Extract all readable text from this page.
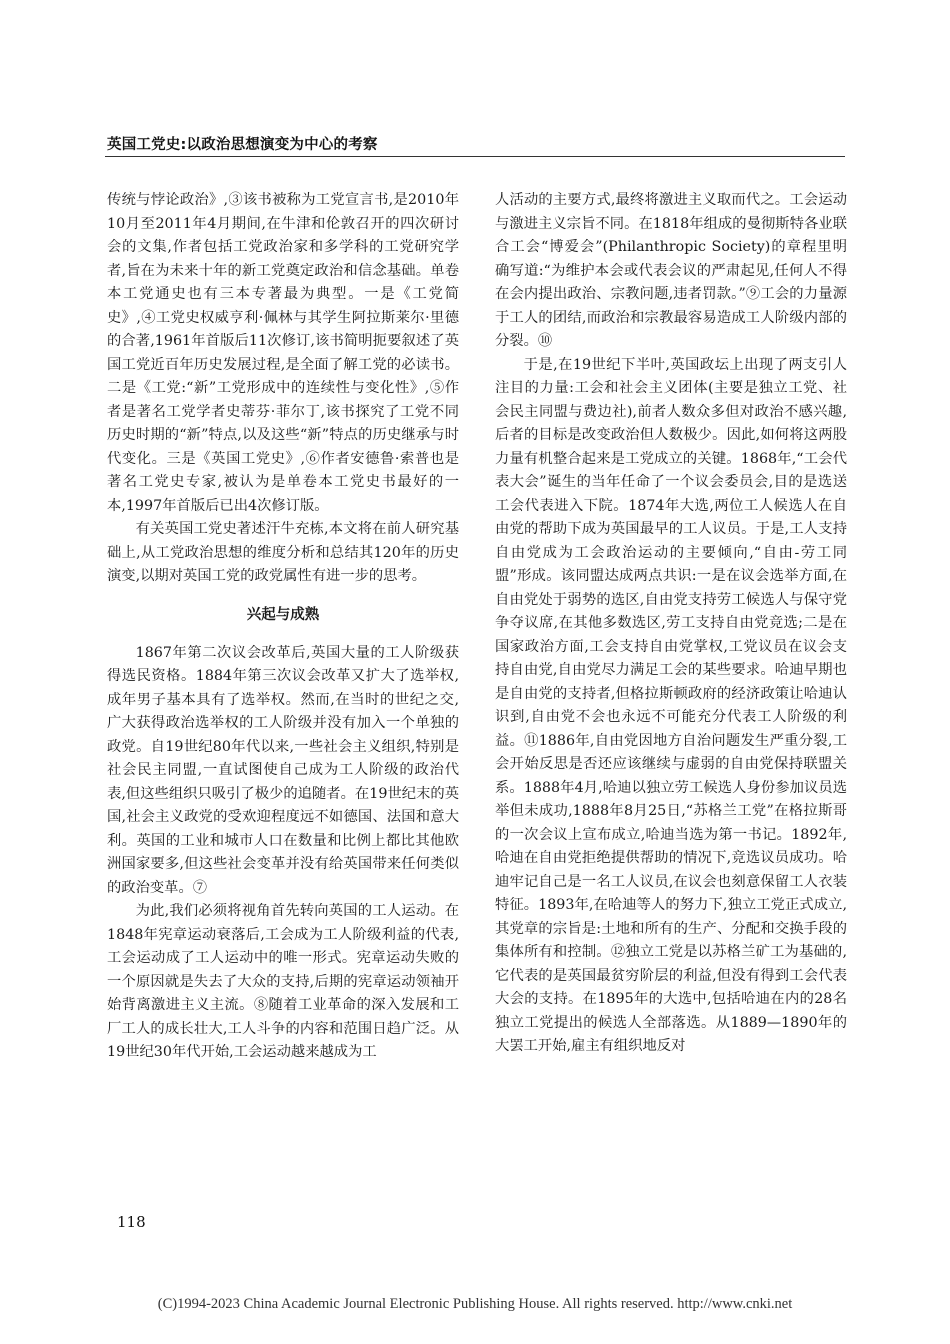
英国工党史:以政治思想演变为中心的考察

传统与悖论政治》,③该书被称为工党宣言书,是2010年10月至2011年4月期间,在牛津和伦敦召开的四次研讨会的文集,作者包括工党政治家和多学科的工党研究学者,旨在为未来十年的新工党奠定政治和信念基础。单卷本工党通史也有三本专著最为典型。一是《工党简史》,④工党史权威亨利·佩林与其学生阿拉斯莱尔·里德的合著,1961年首版后11次修订,该书简明扼要叙述了英国工党近百年历史发展过程,是全面了解工党的必读书。二是《工党:“新”工党形成中的连续性与变化性》,⑤作者是著名工党学者史蒂芬·菲尔丁,该书探究了工党不同历史时期的“新”特点,以及这些“新”特点的历史继承与时代变化。三是《英国工党史》,⑥作者安德鲁·索普也是著名工党史专家,被认为是单卷本工党史书最好的一本,1997年首版后已出4次修订版。

有关英国工党史著述汗牛充栋,本文将在前人研究基础上,从工党政治思想的维度分析和总结其120年的历史演变,以期对英国工党的政党属性有进一步的思考。

兴起与成熟

1867年第二次议会改革后,英国大量的工人阶级获得选民资格。1884年第三次议会改革又扩大了选举权,成年男子基本具有了选举权。然而,在当时的世纪之交,广大获得政治选举权的工人阶级并没有加入一个单独的政党。自19世纪80年代以来,一些社会主义组织,特别是社会民主同盟,一直试图使自己成为工人阶级的政治代表,但这些组织只吸引了极少的追随者。在19世纪末的英国,社会主义政党的受欢迎程度远不如德国、法国和意大利。英国的工业和城市人口在数量和比例上都比其他欧洲国家要多,但这些社会变革并没有给英国带来任何类似的政治变革。⑦

为此,我们必须将视角首先转向英国的工人运动。在1848年宪章运动衰落后,工会成为工人阶级利益的代表,工会运动成了工人运动中的唯一形式。宪章运动失败的一个原因就是失去了大众的支持,后期的宪章运动领袖开始背离激进主义主流。⑧随着工业革命的深入发展和工厂工人的成长壮大,工人斗争的内容和范围日趋广泛。从19世纪30年代开始,工会运动越来越成为工

人活动的主要方式,最终将激进主义取而代之。工会运动与激进主义宗旨不同。在1818年组成的曼彻斯特各业联合工会“博爱会”(Philanthropic Society)的章程里明确写道:“为维护本会或代表会议的严肃起见,任何人不得在会内提出政治、宗教问题,违者罚款。”⑨工会的力量源于工人的团结,而政治和宗教最容易造成工人阶级内部的分裂。⑩

于是,在19世纪下半叶,英国政坛上出现了两支引人注目的力量:工会和社会主义团体(主要是独立工党、社会民主同盟与费边社),前者人数众多但对政治不感兴趣,后者的目标是改变政治但人数极少。因此,如何将这两股力量有机整合起来是工党成立的关键。1868年,“工会代表大会”诞生的当年任命了一个议会委员会,目的是选送工会代表进入下院。1874年大选,两位工人候选人在自由党的帮助下成为英国最早的工人议员。于是,工人支持自由党成为工会政治运动的主要倾向,“自由-劳工同盟”形成。该同盟达成两点共识:一是在议会选举方面,在自由党处于弱势的选区,自由党支持劳工候选人与保守党争夺议席,在其他多数选区,劳工支持自由党竞选;二是在国家政治方面,工会支持自由党掌权,工党议员在议会支持自由党,自由党尽力满足工会的某些要求。哈迪早期也是自由党的支持者,但格拉斯顿政府的经济政策让哈迪认识到,自由党不会也永远不可能充分代表工人阶级的利益。⑪1886年,自由党因地方自治问题发生严重分裂,工会开始反思是否还应该继续与虚弱的自由党保持联盟关系。1888年4月,哈迪以独立劳工候选人身份参加议员选举但未成功,1888年8月25日,“苏格兰工党”在格拉斯哥的一次会议上宣布成立,哈迪当选为第一书记。1892年,哈迪在自由党拒绝提供帮助的情况下,竞选议员成功。哈迪牢记自己是一名工人议员,在议会也刻意保留工人衣装特征。1893年,在哈迪等人的努力下,独立工党正式成立,其党章的宗旨是:土地和所有的生产、分配和交换手段的集体所有和控制。⑫独立工党是以苏格兰矿工为基础的,它代表的是英国最贫穷阶层的利益,但没有得到工会代表大会的支持。在1895年的大选中,包括哈迪在内的28名独立工党提出的候选人全部落选。从1889—1890年的大罢工开始,雇主有组织地反对

118
(C)1994-2023 China Academic Journal Electronic Publishing House. All rights reserved. http://www.cnki.net
